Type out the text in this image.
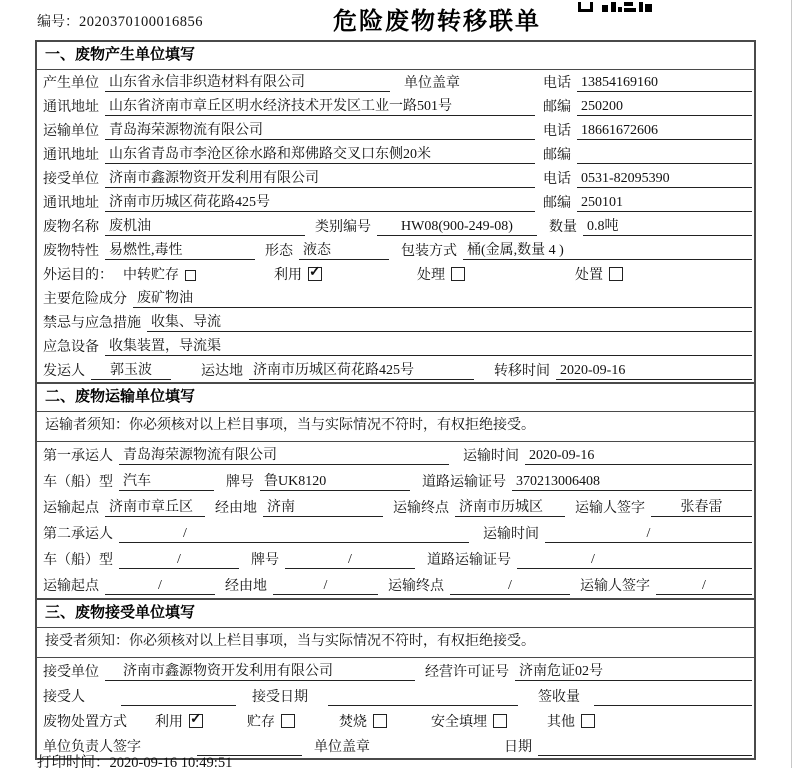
编号：2020370100016856	危险废物转移联单
一、废物产生单位填写
产生单位 山东省永信非织造材料有限公司	单位盖章	电话 13854169160
通讯地址 山东省济南市章丘区明水经济技术开发区工业一路501号	邮编 250200
运输单位 青岛海荣源物流有限公司	电话 18661672606
通讯地址 山东省青岛市李沧区徐水路和郑佛路交叉口东侧20米	邮编
接受单位 济南市鑫源物资开发利用有限公司	电话 0531-82095390
通讯地址 济南市历城区荷花路425号	邮编 250101
废物名称 废机油	类别编号	HW08(900-249-08)	数量 0.8吨
废物特性 易燃性,毒性	形态 液态	包装方式 桶(金属,数量 4 )
外运目的： 中转贮存	利用 ✓	处理	处置
主要危险成分 废矿物油
禁忌与应急措施 收集、导流
应急设备 收集装置，导流渠
发运人	郭玉波	运达地 济南市历城区荷花路425号	转移时间 2020-09-16
二、废物运输单位填写
运输者须知：你必须核对以上栏目事项，当与实际情况不符时，有权拒绝接受。
第一承运人 青岛海荣源物流有限公司	运输时间 2020-09-16
车（船）型 汽车	牌号 鲁UK8120	道路运输证号 370213006408
运输起点 济南市章丘区	经由地 济南	运输终点 济南市历城区	运输人签字	张春雷
第二承运人	/	运输时间	/
车（船）型	/	牌号	/	道路运输证号	/
运输起点	/	经由地	/	运输终点	/	运输人签字	/
三、废物接受单位填写
接受者须知：你必须核对以上栏目事项，当与实际情况不符时，有权拒绝接受。
接受单位	济南市鑫源物资开发利用有限公司	经营许可证号 济南危证02号
接受人	接受日期	签收量
废物处置方式 利用 ✓	贮存	焚烧	安全填埋	其他
单位负责人签字	单位盖章	日期
打印时间：2020-09-16 10:49:51
